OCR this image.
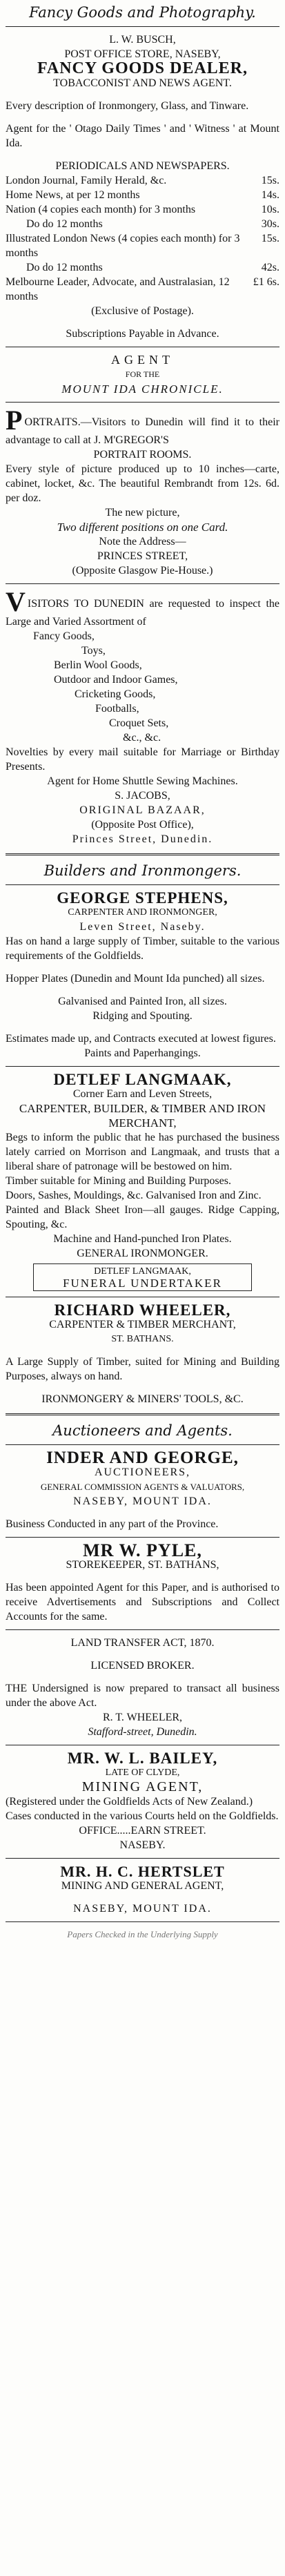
Fancy Goods and Photography.

L. W. BUSCH,

POST OFFICE STORE, NASEBY,

FANCY GOODS DEALER,

TOBACCONIST AND NEWS AGENT.

Every description of Ironmongery, Glass, and Tinware.

Agent for the ' Otago Daily Times ' and ' Witness ' at Mount Ida.

PERIODICALS AND NEWSPAPERS.

London Journal, Family Herald, &c.	15s.
Home News, at per 12 months	14s.
Nation (4 copies each month) for 3 months	10s.
Do do 12 months	30s.
Illustrated London News (4 copies each month) for 3 months
15s.
Do do 12 months	42s.
Melbourne Leader, Advocate, and Australasian, 12 months
£1 6s.

(Exclusive of Postage).

Subscriptions Payable in Advance.

AGENT

FOR THE

MOUNT IDA CHRONICLE.

PORTRAITS.—Visitors to Dunedin will find it to their advantage to call at J. M'GREGOR'S

PORTRAIT ROOMS.

Every style of picture produced up to 10 inches—carte, cabinet, locket, &c. The beautiful Rembrandt from 12s. 6d. per doz.

The new picture,

Two different positions on one Card.

Note the Address—

PRINCES STREET,

(Opposite Glasgow Pie-House.)

VISITORS TO DUNEDIN are requested to inspect the Large and Varied Assortment of

Fancy Goods,

Toys,

Berlin Wool Goods,

Outdoor and Indoor Games,

Cricketing Goods,

Footballs,

Croquet Sets,

&c., &c.

Novelties by every mail suitable for Marriage or Birthday Presents.

Agent for Home Shuttle Sewing Machines.

S. JACOBS,

ORIGINAL BAZAAR,

(Opposite Post Office),

Princes Street, Dunedin.

Builders and Ironmongers.

GEORGE STEPHENS,

CARPENTER AND IRONMONGER,

Leven Street, Naseby.

Has on hand a large supply of Timber, suitable to the various requirements of the Goldfields.

Hopper Plates (Dunedin and Mount Ida punched) all sizes.

Galvanised and Painted Iron, all sizes.

Ridging and Spouting.

Estimates made up, and Contracts executed at lowest figures.

Paints and Paperhangings.

DETLEF LANGMAAK,

Corner Earn and Leven Streets,

CARPENTER, BUILDER, & TIMBER AND IRON MERCHANT,

Begs to inform the public that he has purchased the business lately carried on Morrison and Langmaak, and trusts that a liberal share of patronage will be bestowed on him.

Timber suitable for Mining and Building Purposes.

Doors, Sashes, Mouldings, &c. Galvanised Iron and Zinc.

Painted and Black Sheet Iron—all gauges. Ridge Capping, Spouting, &c.

Machine and Hand-punched Iron Plates.

GENERAL IRONMONGER.

DETLEF LANGMAAK,
FUNERAL UNDERTAKER

RICHARD WHEELER,

CARPENTER & TIMBER MERCHANT,

ST. BATHANS.

A Large Supply of Timber, suited for Mining and Building Purposes, always on hand.

IRONMONGERY & MINERS' TOOLS, &C.

Auctioneers and Agents.

INDER AND GEORGE,

AUCTIONEERS,

GENERAL COMMISSION AGENTS & VALUATORS,

NASEBY, MOUNT IDA.

Business Conducted in any part of the Province.

MR W. PYLE,

STOREKEEPER, ST. BATHANS,

Has been appointed Agent for this Paper, and is authorised to receive Advertisements and Subscriptions and Collect Accounts for the same.

LAND TRANSFER ACT, 1870.

LICENSED BROKER.

THE Undersigned is now prepared to transact all business under the above Act.

R. T. WHEELER,

Stafford-street, Dunedin.

MR. W. L. BAILEY,

LATE OF CLYDE,

MINING AGENT,

(Registered under the Goldfields Acts of New Zealand.)

Cases conducted in the various Courts held on the Goldfields.

OFFICE.....EARN STREET.

NASEBY.

MR. H. C. HERTSLET

MINING AND GENERAL AGENT,

NASEBY, MOUNT IDA.

Papers Checked in the Underlying Supply
